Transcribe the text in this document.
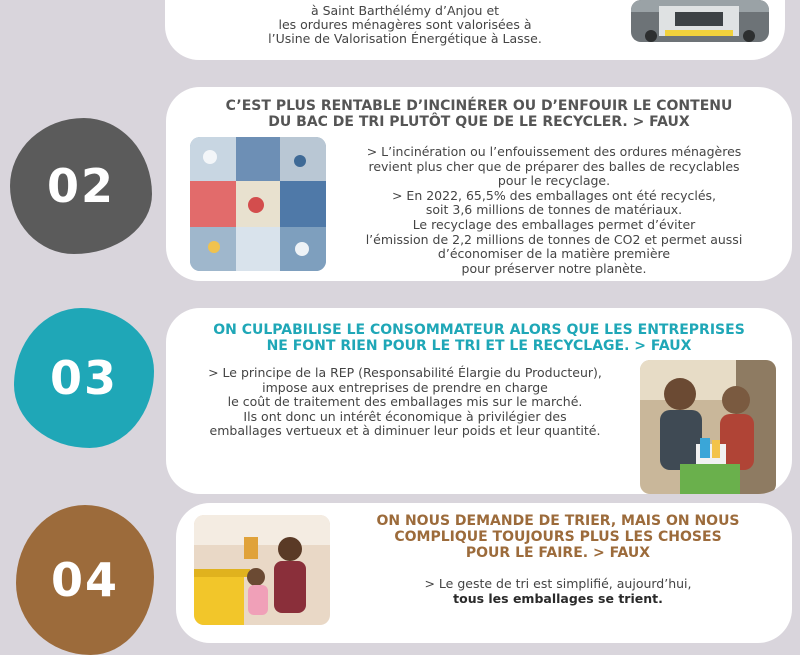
à Saint Barthélémy d’Anjou et
les ordures ménagères sont valorisées à
l’Usine de Valorisation Énergétique à Lasse.
02
C’EST PLUS RENTABLE D’INCINÉRER OU D’ENFOUIR LE CONTENU
DU BAC DE TRI PLUTÔT QUE DE LE RECYCLER. > FAUX
> L’incinération ou l’enfouissement des ordures ménagères
revient plus cher que de préparer des balles de recyclables
pour le recyclage.
> En 2022, 65,5% des emballages ont été recyclés,
soit 3,6 millions de tonnes de matériaux.
Le recyclage des emballages permet d’éviter
l’émission de 2,2 millions de tonnes de CO2 et permet aussi
d’économiser de la matière première
pour préserver notre planète.
03
ON CULPABILISE LE CONSOMMATEUR ALORS QUE LES ENTREPRISES
NE FONT RIEN POUR LE TRI ET LE RECYCLAGE. > FAUX
> Le principe de la REP (Responsabilité Élargie du Producteur),
impose aux entreprises de prendre en charge
le coût de traitement des emballages mis sur le marché.
Ils ont donc un intérêt économique à privilégier des
emballages vertueux et à diminuer leur poids et leur quantité.
04
ON NOUS DEMANDE DE TRIER, MAIS ON NOUS
COMPLIQUE TOUJOURS PLUS LES CHOSES
POUR LE FAIRE. > FAUX
> Le geste de tri est simplifié, aujourd’hui,
tous les emballages se trient.
